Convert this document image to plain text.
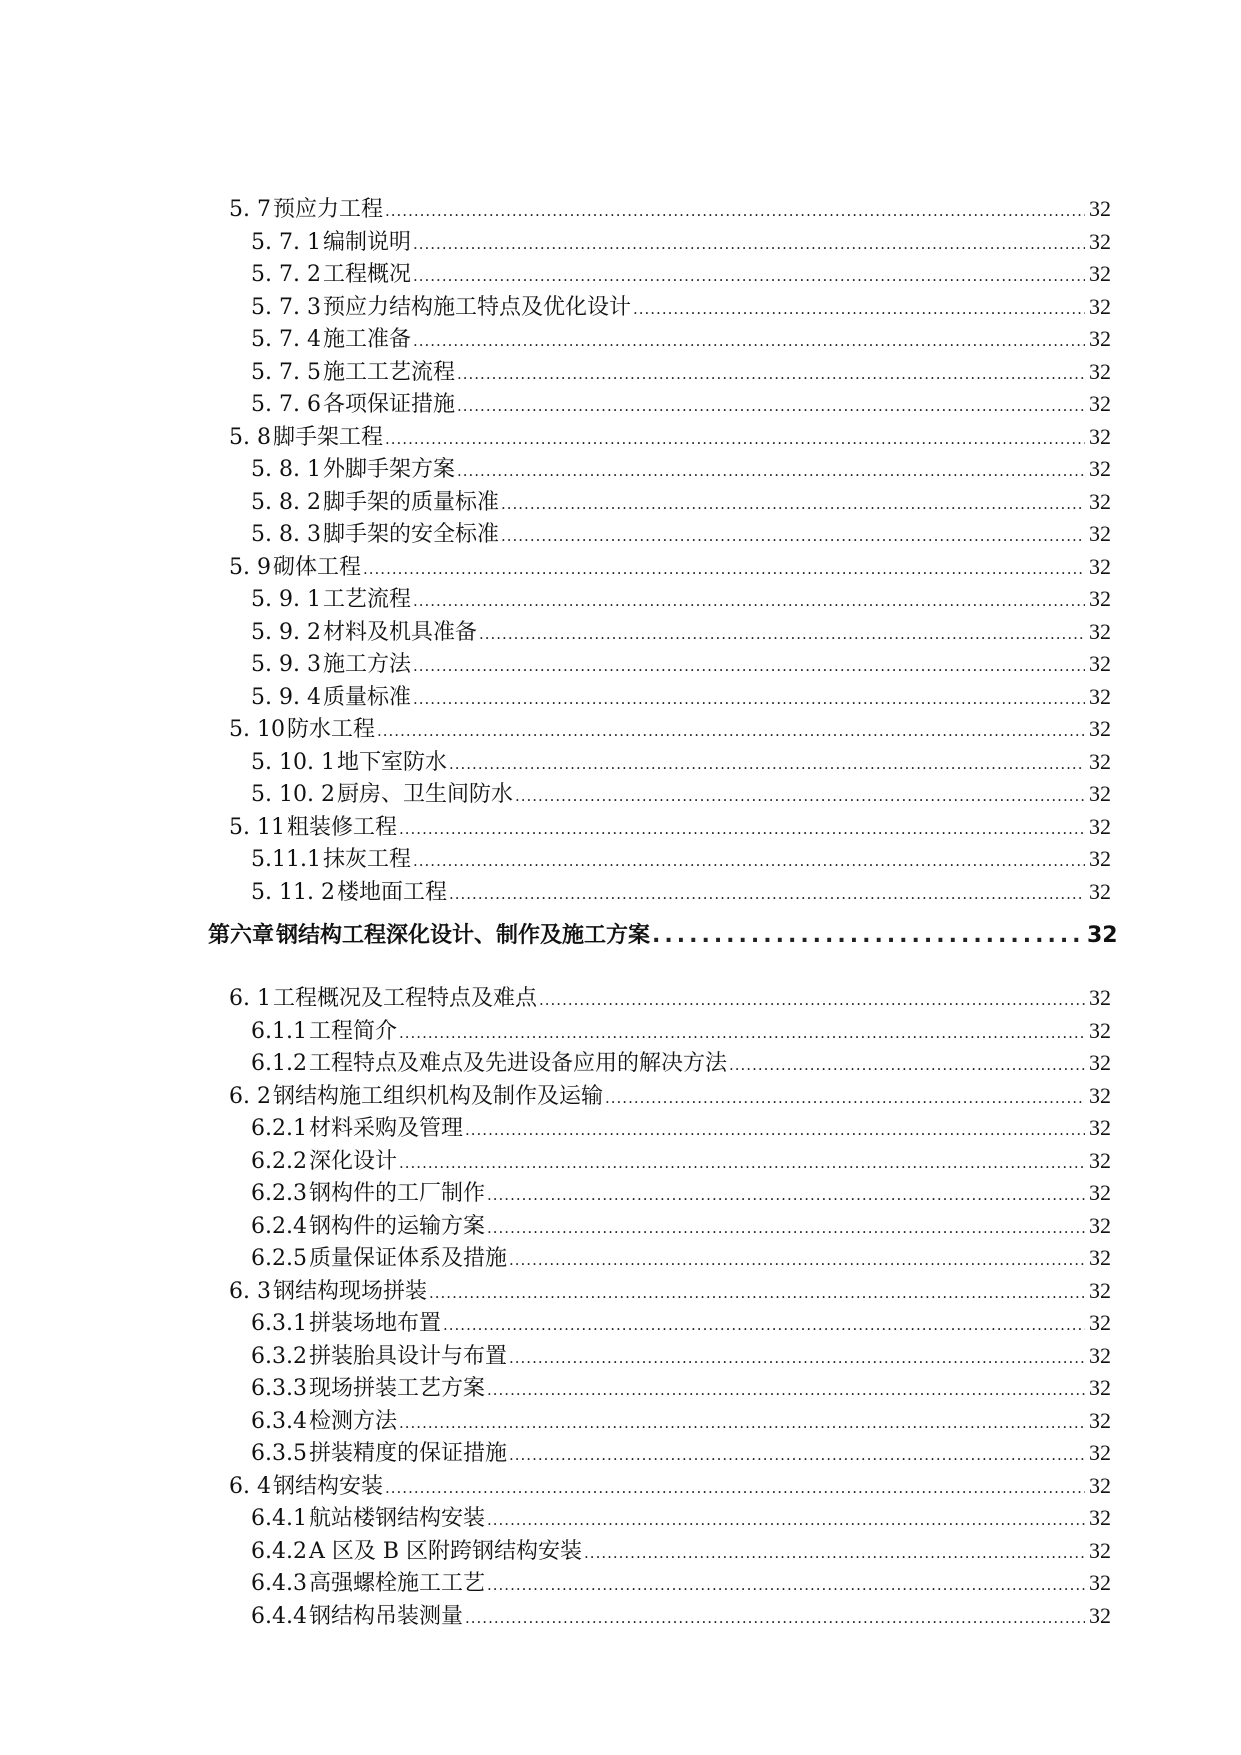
5. 7 预应力工程 .....	32
5. 7. 1 编制说明 .....	32
5. 7. 2 工程概况 .....	32
5. 7. 3 预应力结构施工特点及优化设计 .....	32
5. 7. 4 施工准备 .....	32
5. 7. 5 施工工艺流程 .....	32
5. 7. 6 各项保证措施 .....	32
5. 8 脚手架工程 .....	32
5. 8. 1 外脚手架方案 .....	32
5. 8. 2 脚手架的质量标准 .....	32
5. 8. 3 脚手架的安全标准 .....	32
5. 9 砌体工程 .....	32
5. 9. 1 工艺流程 .....	32
5. 9. 2 材料及机具准备 .....	32
5. 9. 3 施工方法 .....	32
5. 9. 4 质量标准 .....	32
5. 10 防水工程 .....	32
5. 10. 1 地下室防水 .....	32
5. 10. 2 厨房、卫生间防水 .....	32
5. 11 粗装修工程 .....	32
5.11.1 抹灰工程 .....	32
5. 11. 2 楼地面工程 .....	32
第六章 钢结构工程深化设计、制作及施工方案 .....	32
6. 1 工程概况及工程特点及难点 .....	32
6.1.1 工程简介 .....	32
6.1.2 工程特点及难点及先进设备应用的解决方法 .....	32
6. 2 钢结构施工组织机构及制作及运输 .....	32
6.2.1 材料采购及管理 .....	32
6.2.2 深化设计 .....	32
6.2.3 钢构件的工厂制作 .....	32
6.2.4 钢构件的运输方案 .....	32
6.2.5 质量保证体系及措施 .....	32
6. 3 钢结构现场拼装 .....	32
6.3.1 拼装场地布置 .....	32
6.3.2 拼装胎具设计与布置 .....	32
6.3.3 现场拼装工艺方案 .....	32
6.3.4 检测方法 .....	32
6.3.5 拼装精度的保证措施 .....	32
6. 4 钢结构安装 .....	32
6.4.1 航站楼钢结构安装 .....	32
6.4.2 A 区及 B 区附跨钢结构安装 .....	32
6.4.3 高强螺栓施工工艺 .....	32
6.4.4 钢结构吊装测量 .....	32
